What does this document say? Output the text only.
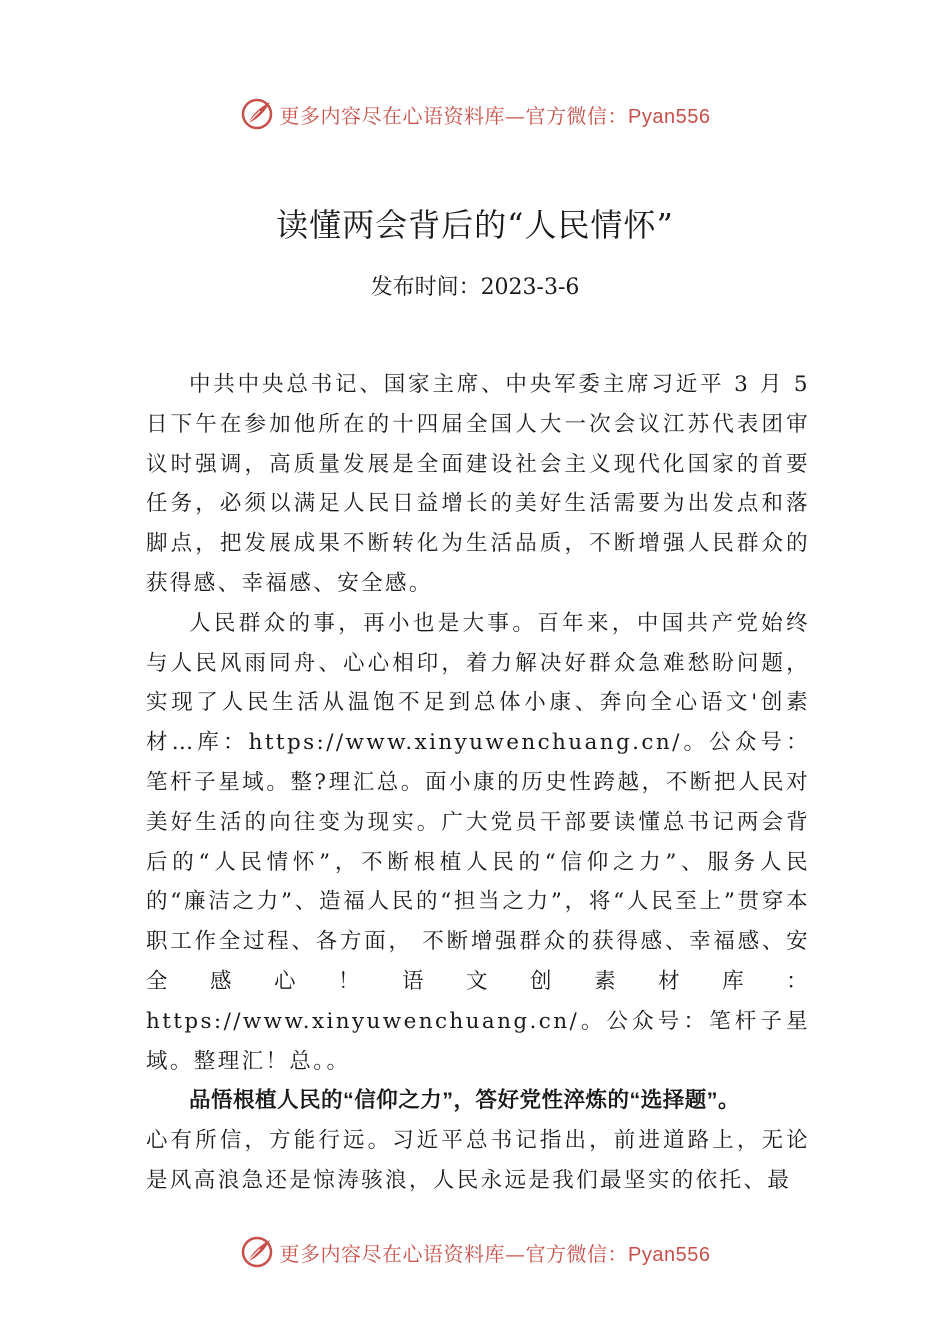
更多内容尽在心语资料库—官方微信：Pyan556
读懂两会背后的“人民情怀”
发布时间：2023-3-6

中共中央总书记、国家主席、中央军委主席习近平 3 月 5 日下午在参加他所在的十四届全国人大一次会议江苏代表团审议时强调，高质量发展是全面建设社会主义现代化国家的首要任务，必须以满足人民日益增长的美好生活需要为出发点和落脚点，把发展成果不断转化为生活品质，不断增强人民群众的获得感、幸福感、安全感。

人民群众的事，再小也是大事。百年来，中国共产党始终与人民风雨同舟、心心相印，着力解决好群众急难愁盼问题，实现了人民生活从温饱不足到总体小康、奔向全心语文'创素材…库：https://www.xinyuwenchuang.cn/。公众号：笔杆子星域。整?理汇总。面小康的历史性跨越，不断把人民对美好生活的向往变为现实。广大党员干部要读懂总书记两会背后的“人民情怀”，不断根植人民的“信仰之力”、服务人民的“廉洁之力”、造福人民的“担当之力”，将“人民至上”贯穿本职工作全过程、各方面， 不断增强群众的获得感、幸福感、安全感心！语文创素材库：https://www.xinyuwenchuang.cn/。公众号：笔杆子星域。整理汇！总。。

品悟根植人民的“信仰之力”，答好党性淬炼的“选择题”。

心有所信，方能行远。习近平总书记指出，前进道路上，无论是风高浪急还是惊涛骇浪，人民永远是我们最坚实的依托、最
更多内容尽在心语资料库—官方微信：Pyan556
